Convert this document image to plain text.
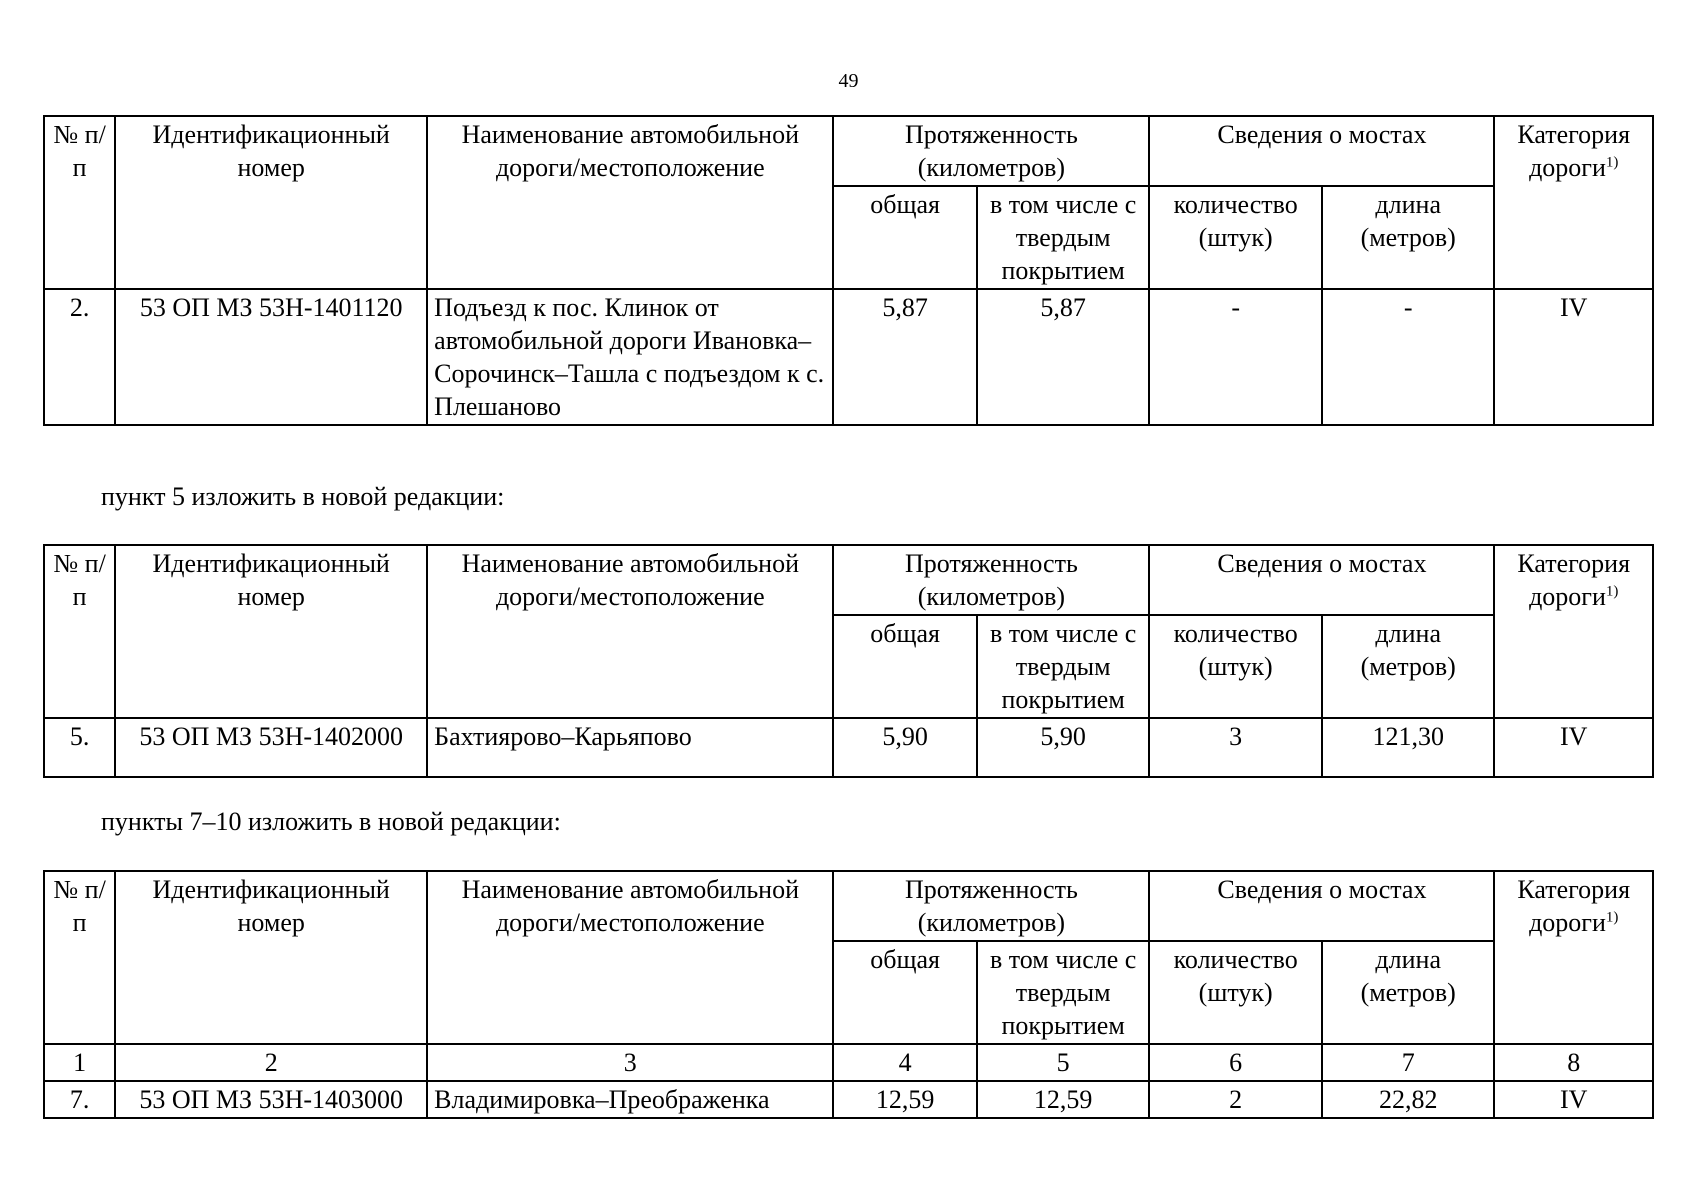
49
№ п/п	Идентификационный номер	Наименование автомобильной дороги/местоположение	Протяженность (километров)		Сведения о мостах		Категория дороги$^{1)}$
			общая	в том числе с твердым покрытием	количество (штук)	длина (метров)	
2.	53 ОП МЗ 53Н-1401120	Подъезд к пос. Клинок от автомобильной дороги Ивановка–Сорочинск–Ташла с подъездом к с. Плешаново	5,87	5,87	-	-	IV
пункт 5 изложить в новой редакции:
№ п/п	Идентификационный номер	Наименование автомобильной дороги/местоположение	Протяженность (километров)		Сведения о мостах		Категория дороги$^{1)}$
			общая	в том числе с твердым покрытием	количество (штук)	длина (метров)	
5.	53 ОП МЗ 53Н-1402000	Бахтиярово–Карьяпово	5,90	5,90	3	121,30	IV
пункты 7–10 изложить в новой редакции:
№ п/п	Идентификационный номер	Наименование автомобильной дороги/местоположение	Протяженность (километров)		Сведения о мостах		Категория дороги$^{1)}$
			общая	в том числе с твердым покрытием	количество (штук)	длина (метров)	
1	2	3	4	5	6	7	8
7.	53 ОП МЗ 53Н-1403000	Владимировка–Преображенка	12,59	12,59	2	22,82	IV
